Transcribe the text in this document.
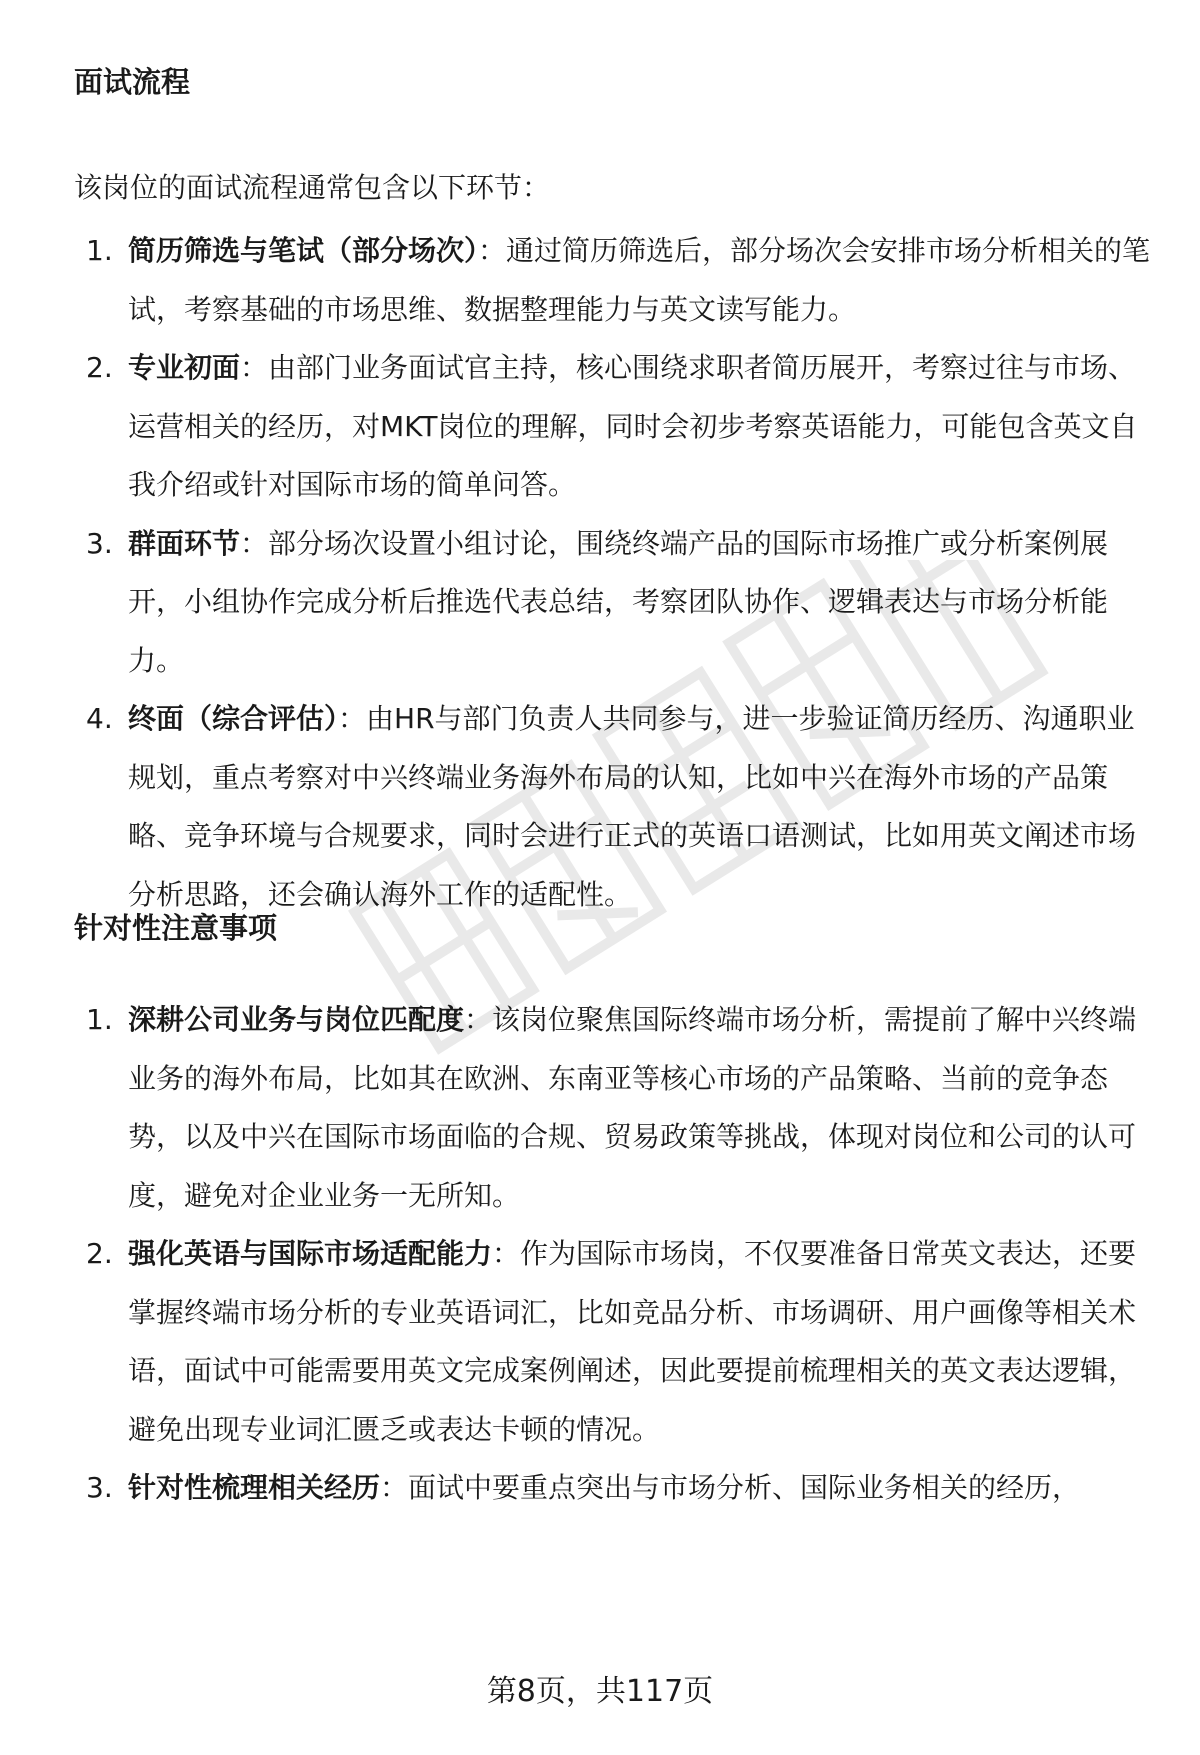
面试流程
该岗位的面试流程通常包含以下环节：
1. 简历筛选与笔试（部分场次）：通过简历筛选后，部分场次会安排市场分析相关的笔试，考察基础的市场思维、数据整理能力与英文读写能力。
2. 专业初面：由部门业务面试官主持，核心围绕求职者简历展开，考察过往与市场、运营相关的经历，对MKT岗位的理解，同时会初步考察英语能力，可能包含英文自我介绍或针对国际市场的简单问答。
3. 群面环节：部分场次设置小组讨论，围绕终端产品的国际市场推广或分析案例展开，小组协作完成分析后推选代表总结，考察团队协作、逻辑表达与市场分析能力。
4. 终面（综合评估）：由HR与部门负责人共同参与，进一步验证简历经历、沟通职业规划，重点考察对中兴终端业务海外布局的认知，比如中兴在海外市场的产品策略、竞争环境与合规要求，同时会进行正式的英语口语测试，比如用英文阐述市场分析思路，还会确认海外工作的适配性。
针对性注意事项
1. 深耕公司业务与岗位匹配度：该岗位聚焦国际终端市场分析，需提前了解中兴终端业务的海外布局，比如其在欧洲、东南亚等核心市场的产品策略、当前的竞争态势，以及中兴在国际市场面临的合规、贸易政策等挑战，体现对岗位和公司的认可度，避免对企业业务一无所知。
2. 强化英语与国际市场适配能力：作为国际市场岗，不仅要准备日常英文表达，还要掌握终端市场分析的专业英语词汇，比如竞品分析、市场调研、用户画像等相关术语，面试中可能需要用英文完成案例阐述，因此要提前梳理相关的英文表达逻辑，避免出现专业词汇匮乏或表达卡顿的情况。
3. 针对性梳理相关经历：面试中要重点突出与市场分析、国际业务相关的经历，
第8页，共117页
